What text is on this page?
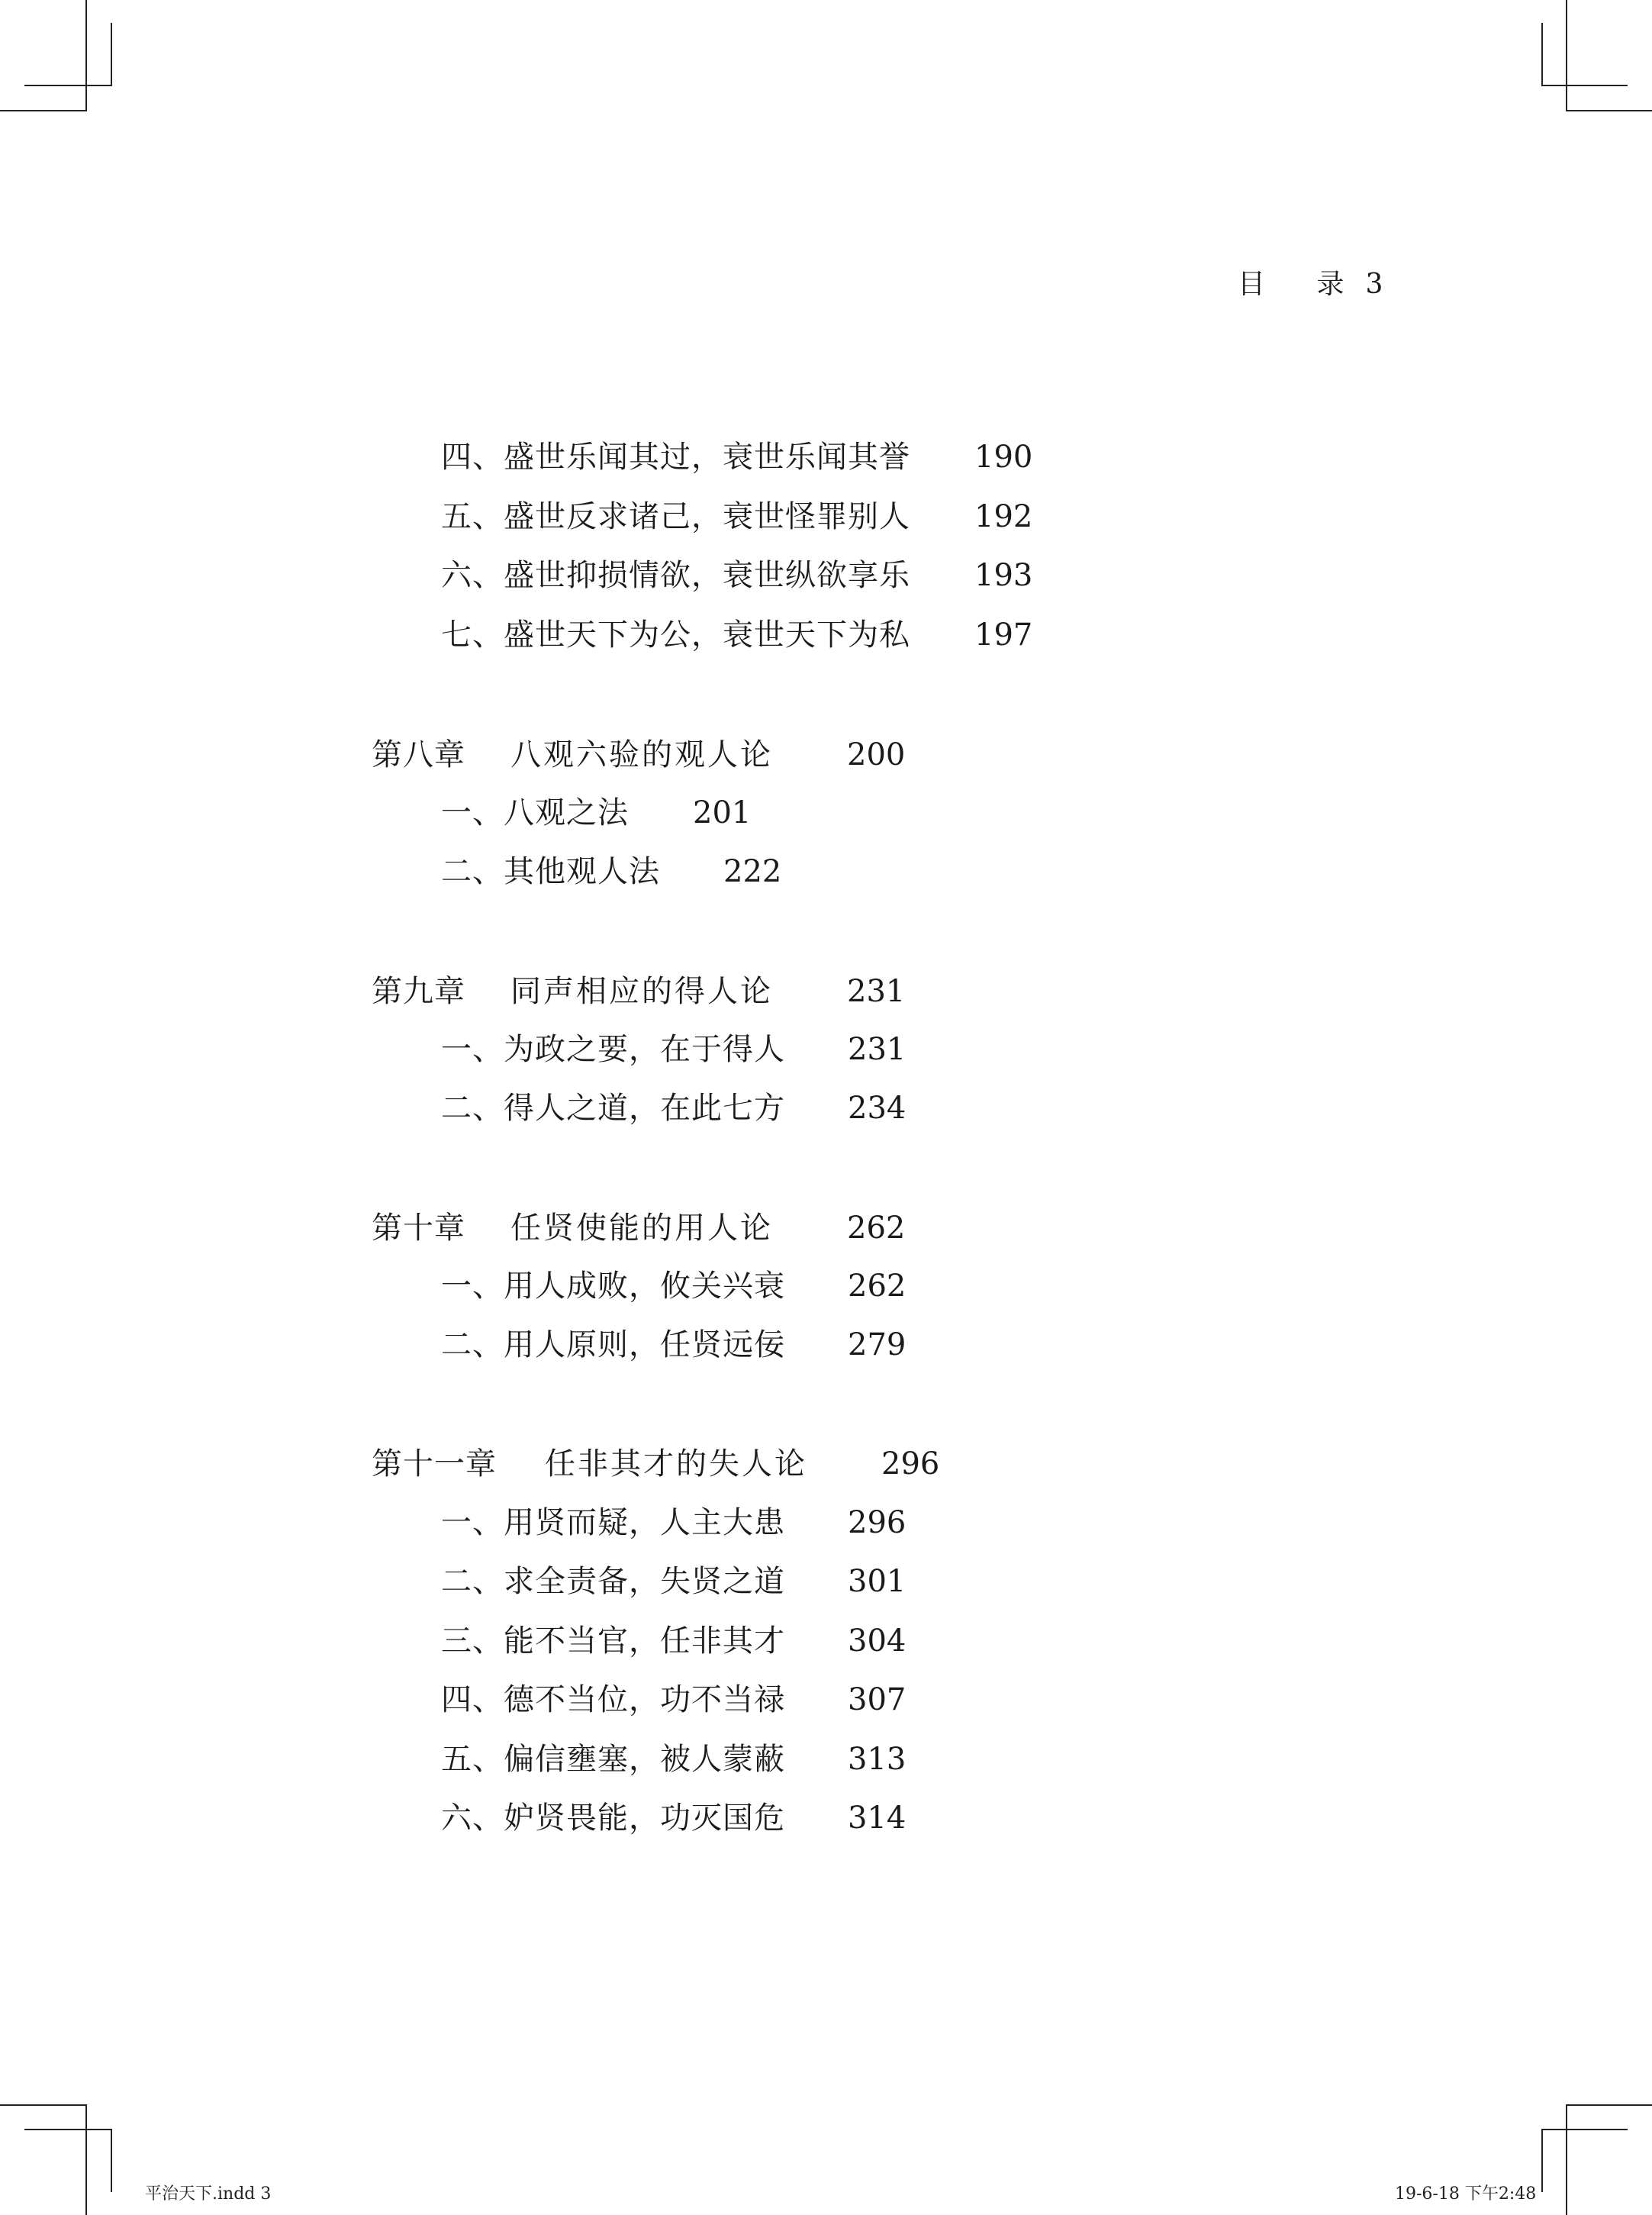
目 录3
四、盛世乐闻其过，衰世乐闻其誉 190
五、盛世反求诸己，衰世怪罪别人 192
六、盛世抑损情欲，衰世纵欲享乐 193
七、盛世天下为公，衰世天下为私 197
第八章 八观六验的观人论 200
一、八观之法 201
二、其他观人法 222
第九章 同声相应的得人论 231
一、为政之要，在于得人 231
二、得人之道，在此七方 234
第十章 任贤使能的用人论 262
一、用人成败，攸关兴衰 262
二、用人原则，任贤远佞 279
第十一章 任非其才的失人论 296
一、用贤而疑，人主大患 296
二、求全责备，失贤之道 301
三、能不当官，任非其才 304
四、德不当位，功不当禄 307
五、偏信壅塞，被人蒙蔽 313
六、妒贤畏能，功灭国危 314
平治天下.indd 3	19-6-18 下午2:48
